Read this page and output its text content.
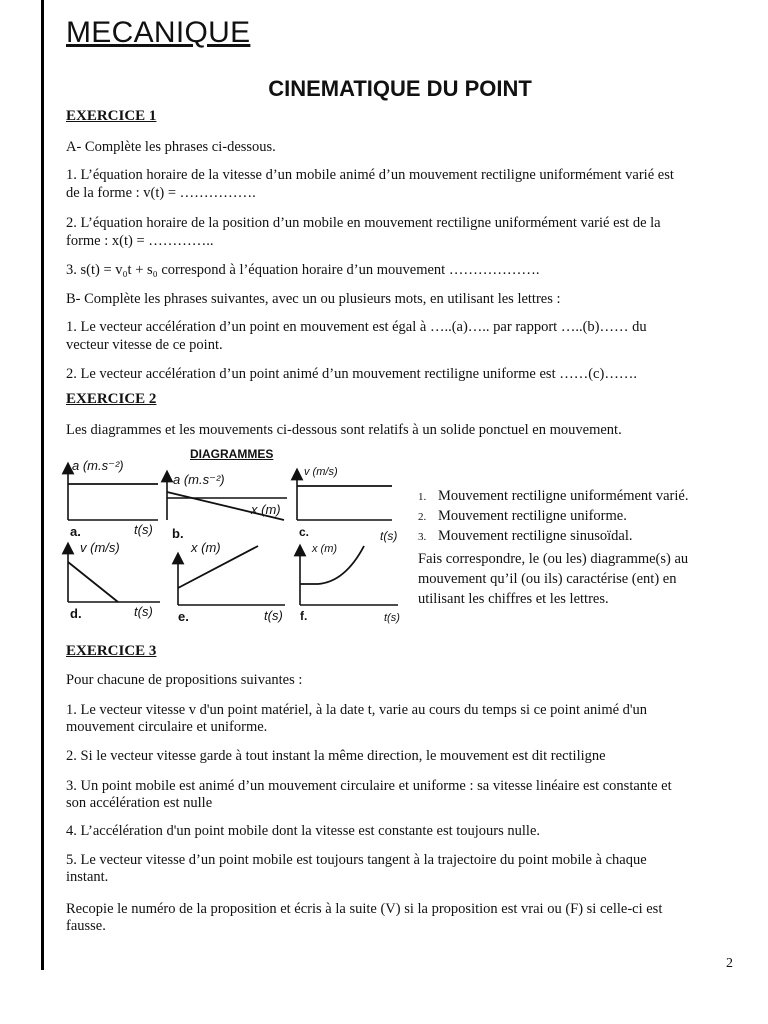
MECANIQUE
CINEMATIQUE DU POINT
EXERCICE 1
A- Complète les phrases ci-dessous.
1. L’équation horaire de la vitesse d’un mobile animé d’un mouvement rectiligne uniformément varié est
de la forme : v(t) = …………….
2. L’équation horaire de la position d’un mobile en mouvement rectiligne uniformément varié est de la
forme : x(t) = …………..
3. s(t) = v₀t + s₀ correspond à l’équation horaire d’un mouvement ……………….
B- Complète les phrases suivantes, avec un ou plusieurs mots, en utilisant les lettres :
1. Le vecteur accélération d’un point en mouvement est égal à …..(a)….. par rapport …..(b)…… du
vecteur vitesse de ce point.
2. Le vecteur accélération d’un point animé d’un mouvement rectiligne uniforme est ……(c)…….
EXERCICE 2
Les diagrammes et les mouvements ci-dessous sont relatifs à un solide ponctuel en mouvement.
DIAGRAMMES
a (m.s⁻²)
t(s)
a.
a (m.s⁻²)
x (m)
b.
v (m/s)
t(s)
c.
v (m/s)
t(s)
d.
x (m)
t(s)
e.
x (m)
t(s)
f.
1. Mouvement rectiligne uniformément varié.
2. Mouvement rectiligne uniforme.
3. Mouvement rectiligne sinusoïdal.
Fais correspondre, le (ou les) diagramme(s) au
mouvement qu’il (ou ils) caractérise (ent) en
utilisant les chiffres et les lettres.
EXERCICE 3
Pour chacune de propositions suivantes :
1. Le vecteur vitesse v d'un point matériel, à la date t, varie au cours du temps si ce point animé d'un
mouvement circulaire et uniforme.
2. Si le vecteur vitesse garde à tout instant la même direction, le mouvement est dit rectiligne
3. Un point mobile est animé d’un mouvement circulaire et uniforme : sa vitesse linéaire est constante et
son accélération est nulle
4. L’accélération d'un point mobile dont la vitesse est constante est toujours nulle.
5. Le vecteur vitesse d’un point mobile est toujours tangent à la trajectoire du point mobile à chaque
instant.
Recopie le numéro de la proposition et écris à la suite (V) si la proposition est vrai ou (F) si celle-ci est
fausse.
2
